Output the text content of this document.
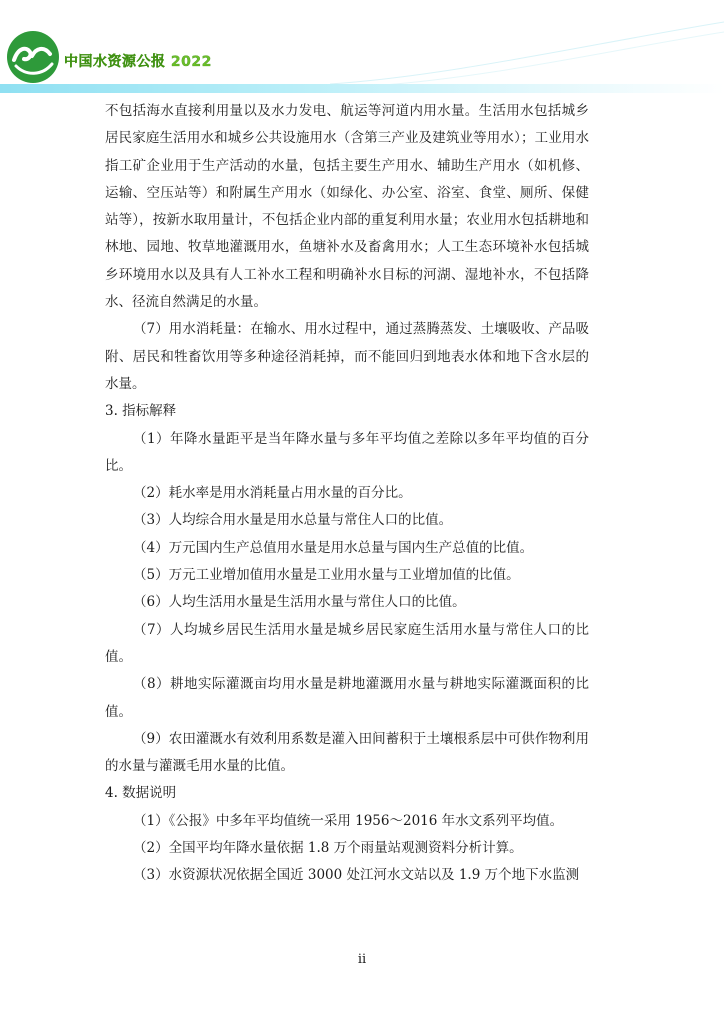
中国水资源公报 2022

不包括海水直接利用量以及水力发电、航运等河道内用水量。生活用水包括城乡居民家庭生活用水和城乡公共设施用水（含第三产业及建筑业等用水）；工业用水指工矿企业用于生产活动的水量，包括主要生产用水、辅助生产用水（如机修、运输、空压站等）和附属生产用水（如绿化、办公室、浴室、食堂、厕所、保健站等），按新水取用量计，不包括企业内部的重复利用水量；农业用水包括耕地和林地、园地、牧草地灌溉用水，鱼塘补水及畜禽用水；人工生态环境补水包括城乡环境用水以及具有人工补水工程和明确补水目标的河湖、湿地补水，不包括降水、径流自然满足的水量。

（7）用水消耗量：在输水、用水过程中，通过蒸腾蒸发、土壤吸收、产品吸附、居民和牲畜饮用等多种途径消耗掉，而不能回归到地表水体和地下含水层的水量。

3. 指标解释

（1）年降水量距平是当年降水量与多年平均值之差除以多年平均值的百分比。

（2）耗水率是用水消耗量占用水量的百分比。

（3）人均综合用水量是用水总量与常住人口的比值。

（4）万元国内生产总值用水量是用水总量与国内生产总值的比值。

（5）万元工业增加值用水量是工业用水量与工业增加值的比值。

（6）人均生活用水量是生活用水量与常住人口的比值。

（7）人均城乡居民生活用水量是城乡居民家庭生活用水量与常住人口的比值。

（8）耕地实际灌溉亩均用水量是耕地灌溉用水量与耕地实际灌溉面积的比值。

（9）农田灌溉水有效利用系数是灌入田间蓄积于土壤根系层中可供作物利用的水量与灌溉毛用水量的比值。

4. 数据说明

（1）《公报》中多年平均值统一采用 1956～2016 年水文系列平均值。

（2）全国平均年降水量依据 1.8 万个雨量站观测资料分析计算。

（3）水资源状况依据全国近 3000 处江河水文站以及 1.9 万个地下水监测

ii
